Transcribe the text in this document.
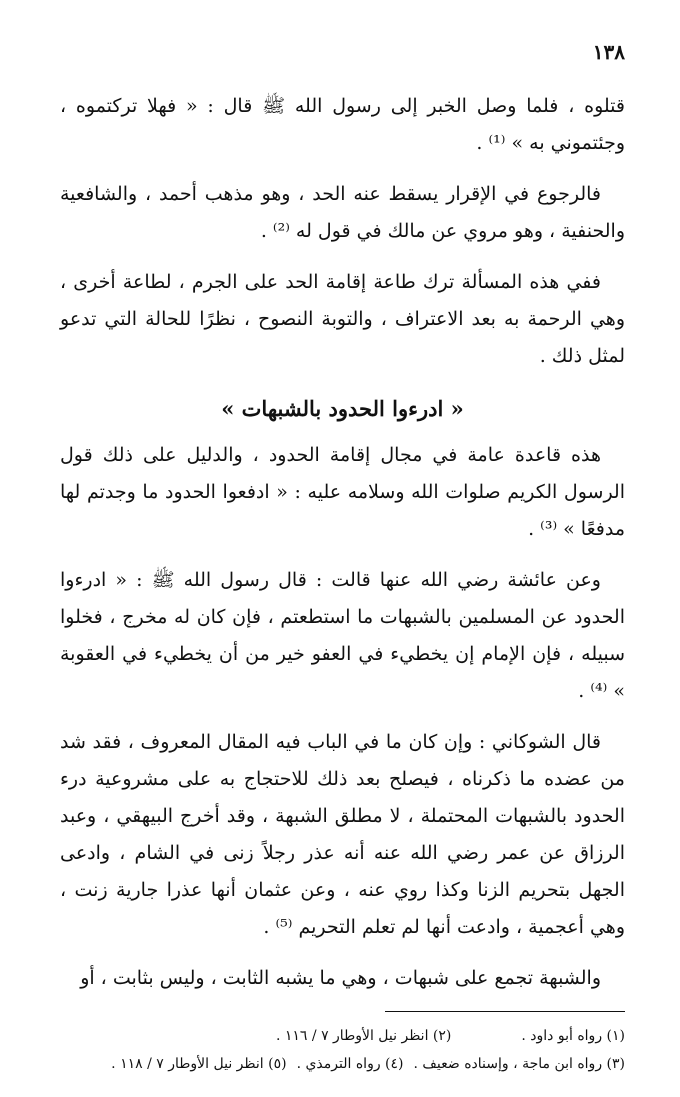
١٣٨

قتلوه ، فلما وصل الخبر إلى رسول الله ﷺ قال : « فهلا تركتموه ، وجئتموني به » ⁽¹⁾ .

فالرجوع في الإقرار يسقط عنه الحد ، وهو مذهب أحمد ، والشافعية والحنفية ، وهو مروي عن مالك في قول له ⁽²⁾ .

ففي هذه المسألة ترك طاعة إقامة الحد على الجرم ، لطاعة أخرى ، وهي الرحمة به بعد الاعتراف ، والتوبة النصوح ، نظرًا للحالة التي تدعو لمثل ذلك .

« ادرءوا الحدود بالشبهات »

هذه قاعدة عامة في مجال إقامة الحدود ، والدليل على ذلك قول الرسول الكريم صلوات الله وسلامه عليه : « ادفعوا الحدود ما وجدتم لها مدفعًا » ⁽³⁾ .

وعن عائشة رضي الله عنها قالت : قال رسول الله ﷺ : « ادرءوا الحدود عن المسلمين بالشبهات ما استطعتم ، فإن كان له مخرج ، فخلوا سبيله ، فإن الإمام إن يخطيء في العفو خير من أن يخطيء في العقوبة » ⁽⁴⁾ .

قال الشوكاني : وإن كان ما في الباب فيه المقال المعروف ، فقد شد من عضده ما ذكرناه ، فيصلح بعد ذلك للاحتجاج به على مشروعية درء الحدود بالشبهات المحتملة ، لا مطلق الشبهة ، وقد أخرج البيهقي ، وعبد الرزاق عن عمر رضي الله عنه أنه عذر رجلاً زنى في الشام ، وادعى الجهل بتحريم الزنا وكذا روي عنه ، وعن عثمان أنها عذرا جارية زنت ، وهي أعجمية ، وادعت أنها لم تعلم التحريم ⁽⁵⁾ .

والشبهة تجمع على شبهات ، وهي ما يشبه الثابت ، وليس بثابت ، أو

(١) رواه أبو داود .
(٢) انظر نيل الأوطار ٧ / ١١٦ .
(٣) رواه ابن ماجة ، وإسناده ضعيف .
(٤) رواه الترمذي .
(٥) انظر نيل الأوطار ٧ / ١١٨ .
